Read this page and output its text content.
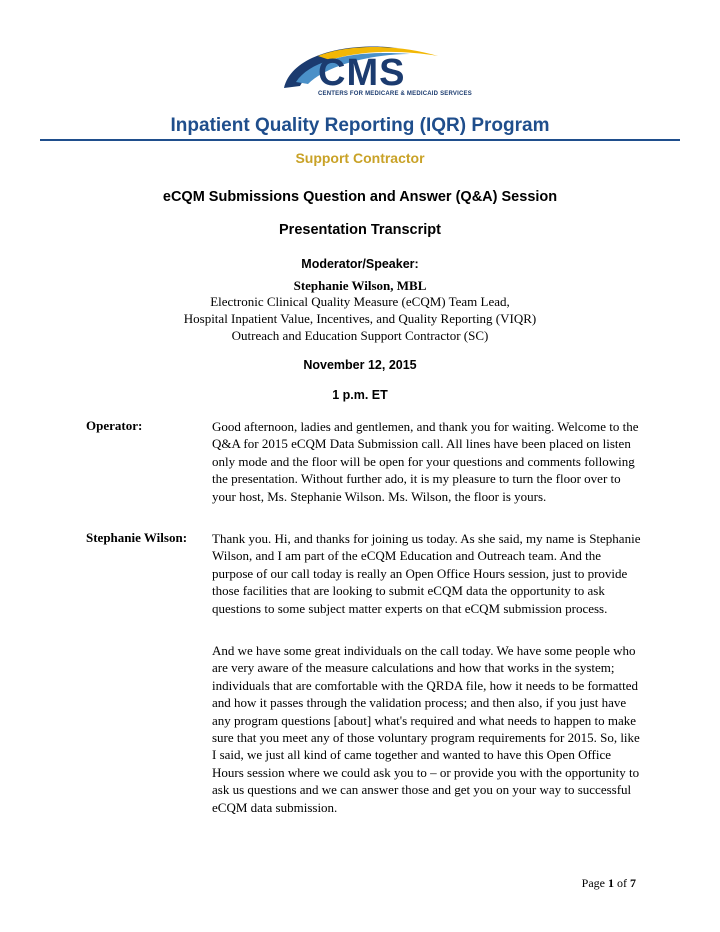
CMS
CENTERS FOR MEDICARE & MEDICAID SERVICES
Inpatient Quality Reporting (IQR) Program
Support Contractor
eCQM Submissions Question and Answer (Q&A) Session
Presentation Transcript
Moderator/Speaker:
Stephanie Wilson, MBL
Electronic Clinical Quality Measure (eCQM) Team Lead,
Hospital Inpatient Value, Incentives, and Quality Reporting (VIQR)
Outreach and Education Support Contractor (SC)
November 12, 2015
1 p.m. ET
Operator:	Good afternoon, ladies and gentlemen, and thank you for waiting. Welcome to the Q&A for 2015 eCQM Data Submission call. All lines have been placed on listen only mode and the floor will be open for your questions and comments following the presentation. Without further ado, it is my pleasure to turn the floor over to your host, Ms. Stephanie Wilson. Ms. Wilson, the floor is yours.
Stephanie Wilson: Thank you. Hi, and thanks for joining us today. As she said, my name is Stephanie Wilson, and I am part of the eCQM Education and Outreach team. And the purpose of our call today is really an Open Office Hours session, just to provide those facilities that are looking to submit eCQM data the opportunity to ask questions to some subject matter experts on that eCQM submission process.
And we have some great individuals on the call today. We have some people who are very aware of the measure calculations and how that works in the system; individuals that are comfortable with the QRDA file, how it needs to be formatted and how it passes through the validation process; and then also, if you just have any program questions [about] what's required and what needs to happen to make sure that you meet any of those voluntary program requirements for 2015. So, like I said, we just all kind of came together and wanted to have this Open Office Hours session where we could ask you to – or provide you with the opportunity to ask us questions and we can answer those and get you on your way to successful eCQM data submission.
Page 1 of 7
